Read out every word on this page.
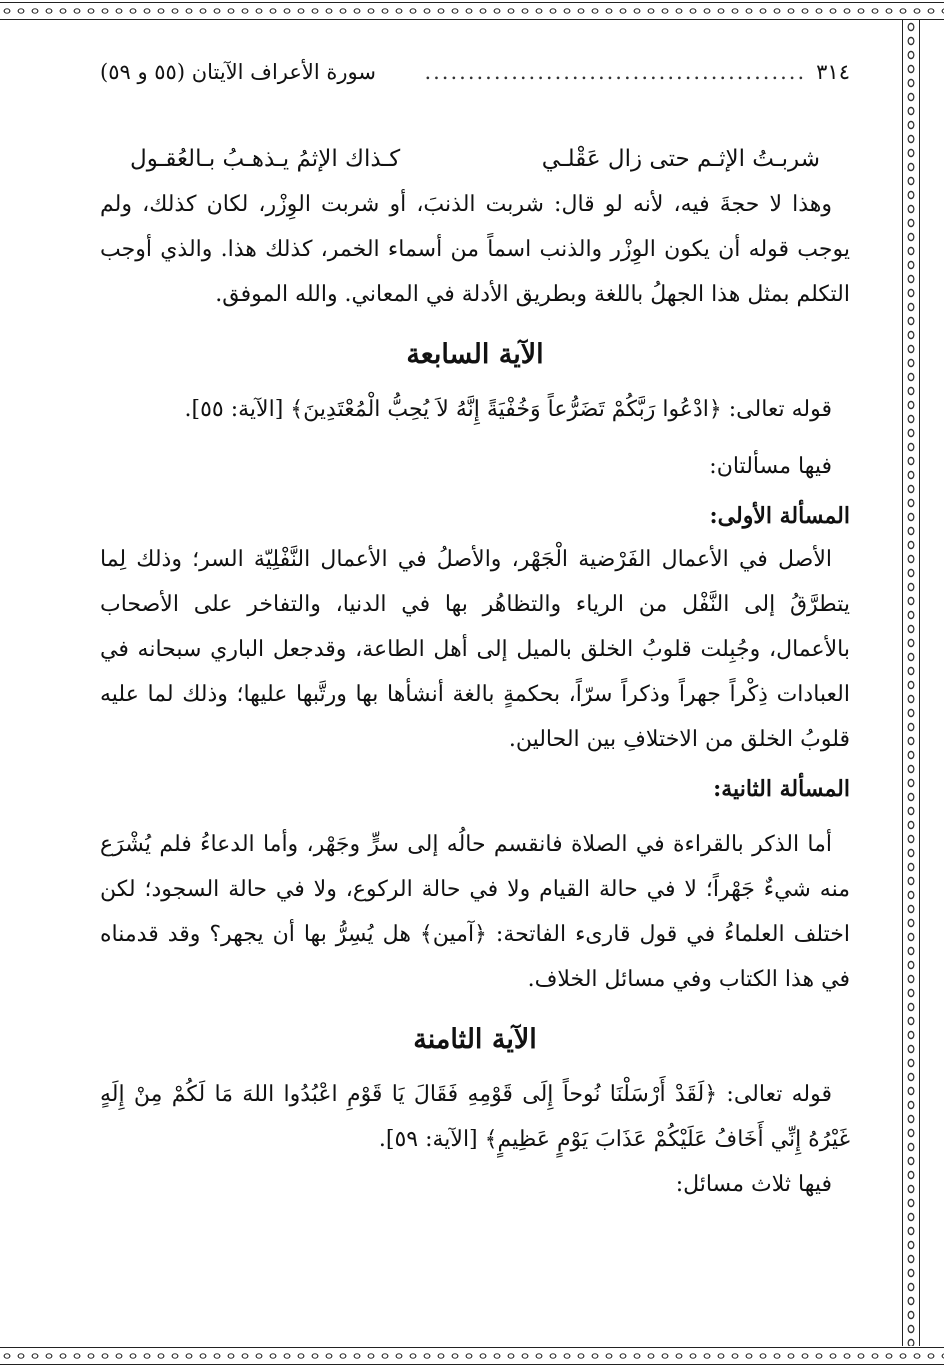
٣١٤
............................................
سورة الأعراف الآيتان (٥٥ و ٥٩)
شربـتُ الإثـم حتى زال عَقْلـي
كـذاك الإثمُ يـذهـبُ بـالعُقـول

وهذا لا حجةَ فيه، لأنه لو قال: شربت الذنبَ، أو شربت الوِزْر، لكان كذلك، ولم يوجب قوله أن يكون الوِزْر والذنب اسماً من أسماء الخمر، كذلك هذا. والذي أوجب التكلم بمثل هذا الجهلُ باللغة وبطريق الأدلة في المعاني. والله الموفق.

الآية السابعة

قوله تعالى: ﴿ادْعُوا رَبَّكُمْ تَضَرُّعاً وَخُفْيَةً إِنَّهُ لاَ يُحِبُّ الْمُعْتَدِينَ﴾ [الآية: ٥٥].

فيها مسألتان:

المسألة الأولى:

الأصل في الأعمال الفَرْضية الْجَهْر، والأصلُ في الأعمال النَّفْلِيّة السر؛ وذلك لِما يتطرَّقُ إلى النَّفْل من الرياء والتظاهُر بها في الدنيا، والتفاخر على الأصحاب بالأعمال، وجُبِلت قلوبُ الخلق بالميل إلى أهل الطاعة، وقدجعل الباري سبحانه في العبادات ذِكْراً جهراً وذكراً سرّاً، بحكمةٍ بالغة أنشأها بها ورتَّبها عليها؛ وذلك لما عليه قلوبُ الخلق من الاختلافِ بين الحالين.

المسألة الثانية:

أما الذكر بالقراءة في الصلاة فانقسم حالُه إلى سرٍّ وجَهْر، وأما الدعاءُ فلم يُشْرَع منه شيءٌ جَهْراً؛ لا في حالة القيام ولا في حالة الركوع، ولا في حالة السجود؛ لكن اختلف العلماءُ في قول قارىء الفاتحة: ﴿آمين﴾ هل يُسِرُّ بها أن يجهر؟ وقد قدمناه في هذا الكتاب وفي مسائل الخلاف.

الآية الثامنة

قوله تعالى: ﴿لَقَدْ أَرْسَلْنَا نُوحاً إِلَى قَوْمِهِ فَقَالَ يَا قَوْمِ اعْبُدُوا اللهَ مَا لَكُمْ مِنْ إِلَهٍ غَيْرُهُ إِنِّي أَخَافُ عَلَيْكُمْ عَذَابَ يَوْمٍ عَظِيمٍ﴾ [الآية: ٥٩].

فيها ثلاث مسائل:
